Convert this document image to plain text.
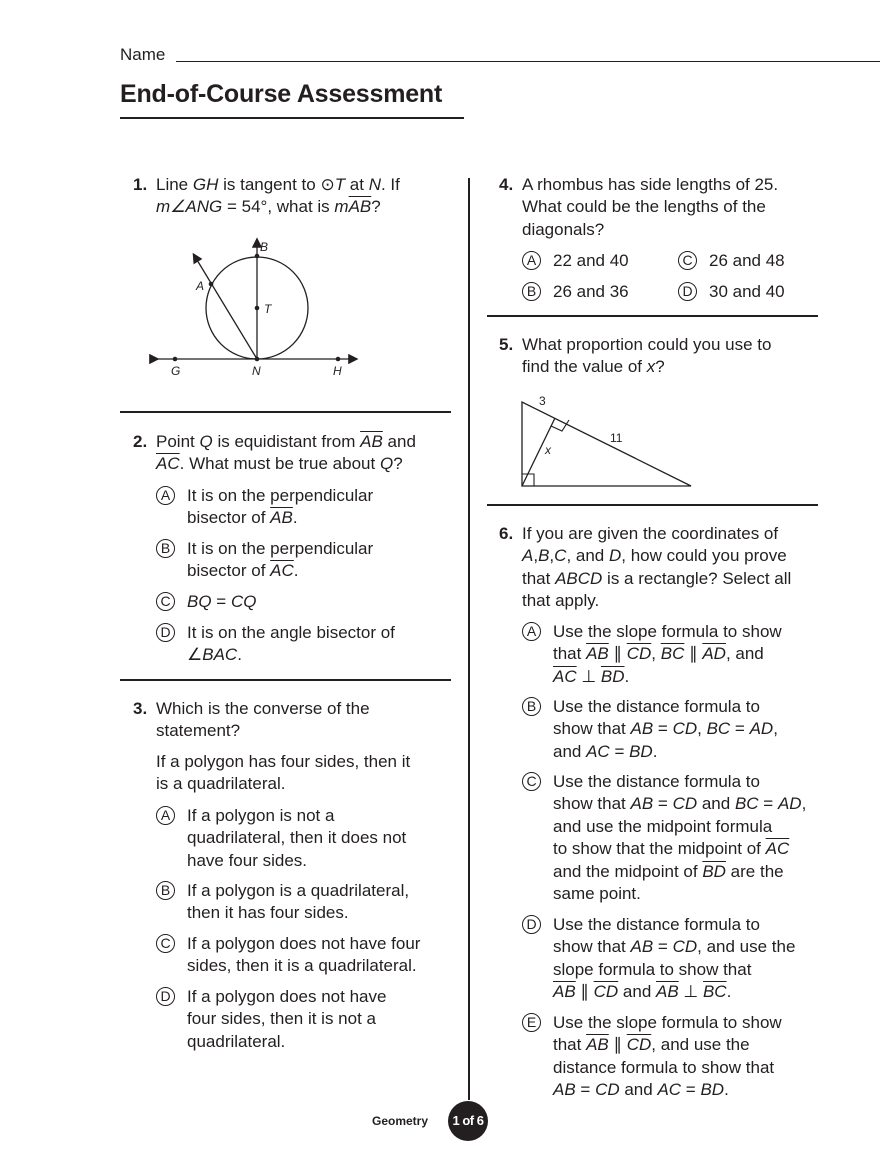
Name
End-of-Course Assessment
1. Line GH is tangent to ⊙T at N. If
m∠ANG = 54°, what is $m\overline{AB}$?
B
A
T
G	N	H
2. Point Q is equidistant from $\overline{AB}$ and
$\overline{AC}$. What must be true about Q?
A It is on the perpendicular
bisector of $\overline{AB}$.
B It is on the perpendicular
bisector of $\overline{AC}$.
C BQ = CQ
D It is on the angle bisector of
∠BAC.
3. Which is the converse of the
statement?
If a polygon has four sides, then it
is a quadrilateral.
A If a polygon is not a
quadrilateral, then it does not
have four sides.
B If a polygon is a quadrilateral,
then it has four sides.
C If a polygon does not have four
sides, then it is a quadrilateral.
D If a polygon does not have
four sides, then it is not a
quadrilateral.
4. A rhombus has side lengths of 25.
What could be the lengths of the
diagonals?
A 22 and 40
B 26 and 36
C 26 and 48
D 30 and 40
5. What proportion could you use to
find the value of x?
3
11
x
6. If you are given the coordinates of
A,B,C, and D, how could you prove
that ABCD is a rectangle? Select all
that apply.
A Use the slope formula to show
that $\overline{AB}$ ∥ $\overline{CD}$, $\overline{BC}$ ∥ $\overline{AD}$, and
$\overline{AC}$ ⊥ $\overline{BD}$.
B Use the distance formula to
show that AB = CD, BC = AD,
and AC = BD.
C Use the distance formula to
show that AB = CD and BC = AD,
and use the midpoint formula
to show that the midpoint of $\overline{AC}$
and the midpoint of $\overline{BD}$ are the
same point.
D Use the distance formula to
show that AB = CD, and use the
slope formula to show that
$\overline{AB}$ ∥ $\overline{CD}$ and $\overline{AB}$ ⊥ $\overline{BC}$.
E Use the slope formula to show
that $\overline{AB}$ ∥ $\overline{CD}$, and use the
distance formula to show that
AB = CD and AC = BD.
Geometry	1 of 6
